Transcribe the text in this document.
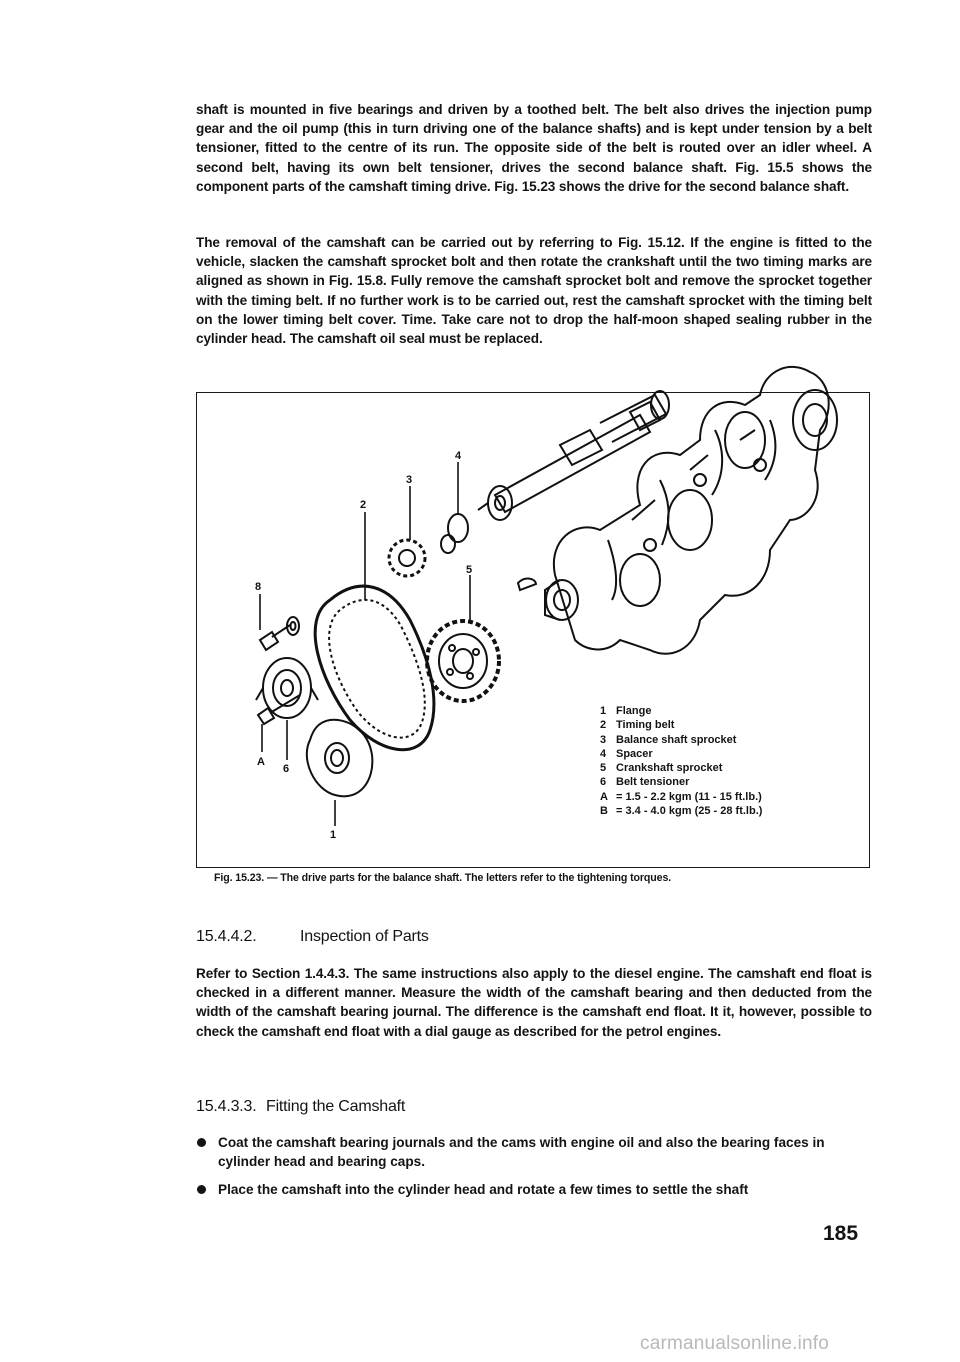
shaft is mounted in five bearings and driven by a toothed belt. The belt also drives the injection pump gear and the oil pump (this in turn driving one of the balance shafts) and is kept under tension by a belt tensioner, fitted to the centre of its run. The opposite side of the belt is routed over an idler wheel. A second belt, having its own belt tensioner, drives the second balance shaft. Fig. 15.5 shows the component parts of the camshaft timing drive. Fig. 15.23 shows the drive for the second balance shaft.

The removal of the camshaft can be carried out by referring to Fig. 15.12. If the engine is fitted to the vehicle, slacken the camshaft sprocket bolt and then rotate the crankshaft until the two timing marks are aligned as shown in Fig. 15.8. Fully remove the camshaft sprocket bolt and remove the sprocket together with the timing belt. If no further work is to be carried out, rest the camshaft sprocket with the timing belt on the lower timing belt cover. Time. Take care not to drop the half-moon shaped sealing rubber in the cylinder head. The camshaft oil seal must be replaced.

4
3
2
5
8
A
6
1
1 Flange
2 Timing belt
3 Balance shaft sprocket
4 Spacer
5 Crankshaft sprocket
6 Belt tensioner
A = 1.5 - 2.2 kgm (11 - 15 ft.lb.)
B = 3.4 - 4.0 kgm (25 - 28 ft.lb.)

Fig. 15.23. — The drive parts for the balance shaft. The letters refer to the tightening torques.

15.4.4.2.	Inspection of Parts

Refer to Section 1.4.4.3. The same instructions also apply to the diesel engine. The camshaft end float is checked in a different manner. Measure the width of the camshaft bearing and then deducted from the width of the camshaft bearing journal. The difference is the camshaft end float. It it, however, possible to check the camshaft end float with a dial gauge as described for the petrol engines.

15.4.3.3. Fitting the Camshaft
Coat the camshaft bearing journals and the cams with engine oil and also the bearing faces in cylinder head and bearing caps.
Place the camshaft into the cylinder head and rotate a few times to settle the shaft

185

carmanualsonline.info
